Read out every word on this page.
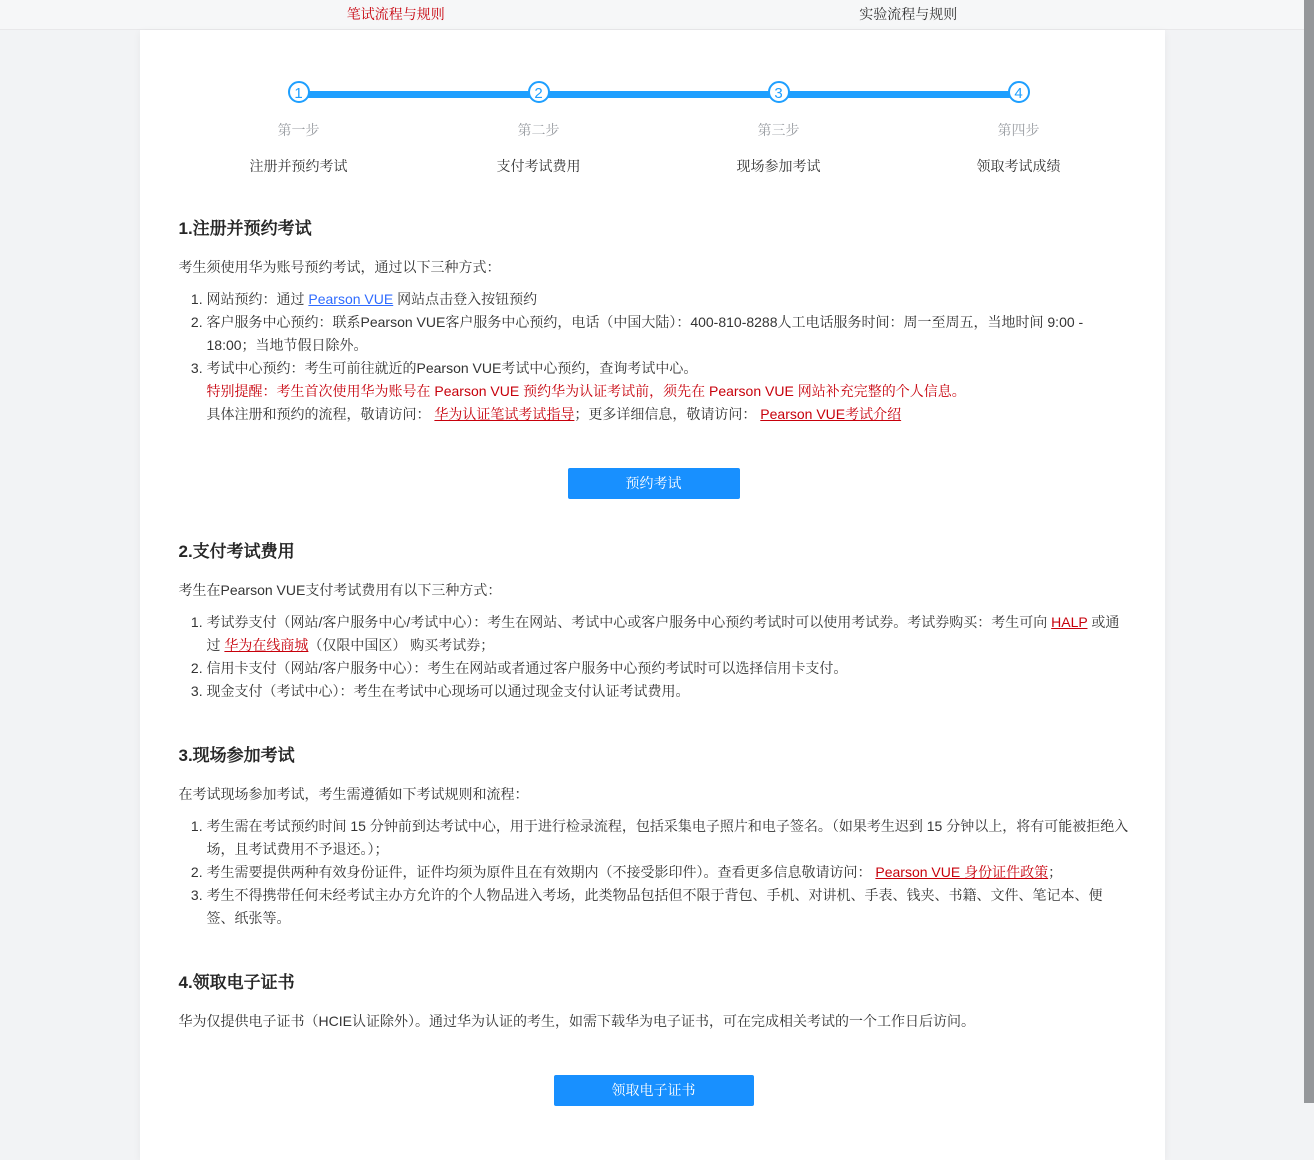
笔试流程与规则	实验流程与规则
1	2	3	4
第一步	第二步	第三步	第四步
注册并预约考试	支付考试费用	现场参加考试	领取考试成绩
1.注册并预约考试

考生须使用华为账号预约考试，通过以下三种方式：

1. 网站预约：通过 Pearson VUE 网站点击登入按钮预约
2. 客户服务中心预约：联系Pearson VUE客户服务中心预约，电话（中国大陆）：400-810-8288人工电话服务时间：周一至周五，当地时间 9:00 - 18:00；当地节假日除外。
3. 考试中心预约：考生可前往就近的Pearson VUE考试中心预约，查询考试中心。

特别提醒：考生首次使用华为账号在 Pearson VUE 预约华为认证考试前，须先在 Pearson VUE 网站补充完整的个人信息。

具体注册和预约的流程，敬请访问： 华为认证笔试考试指导；更多详细信息，敬请访问： Pearson VUE考试介绍

预约考试
2.支付考试费用

考生在Pearson VUE支付考试费用有以下三种方式：

1. 考试券支付（网站/客户服务中心/考试中心）：考生在网站、考试中心或客户服务中心预约考试时可以使用考试券。考试券购买：考生可向 HALP 或通过 华为在线商城（仅限中国区） 购买考试券；
2. 信用卡支付（网站/客户服务中心）：考生在网站或者通过客户服务中心预约考试时可以选择信用卡支付。
3. 现金支付（考试中心）：考生在考试中心现场可以通过现金支付认证考试费用。
3.现场参加考试

在考试现场参加考试，考生需遵循如下考试规则和流程：

1. 考生需在考试预约时间 15 分钟前到达考试中心，用于进行检录流程，包括采集电子照片和电子签名。（如果考生迟到 15 分钟以上，将有可能被拒绝入场，且考试费用不予退还。）；
2. 考生需要提供两种有效身份证件，证件均须为原件且在有效期内（不接受影印件）。查看更多信息敬请访问： Pearson VUE 身份证件政策；
3. 考生不得携带任何未经考试主办方允许的个人物品进入考场，此类物品包括但不限于背包、手机、对讲机、手表、钱夹、书籍、文件、笔记本、便签、纸张等。
4.领取电子证书

华为仅提供电子证书（HCIE认证除外）。通过华为认证的考生，如需下载华为电子证书，可在完成相关考试的一个工作日后访问。

领取电子证书
